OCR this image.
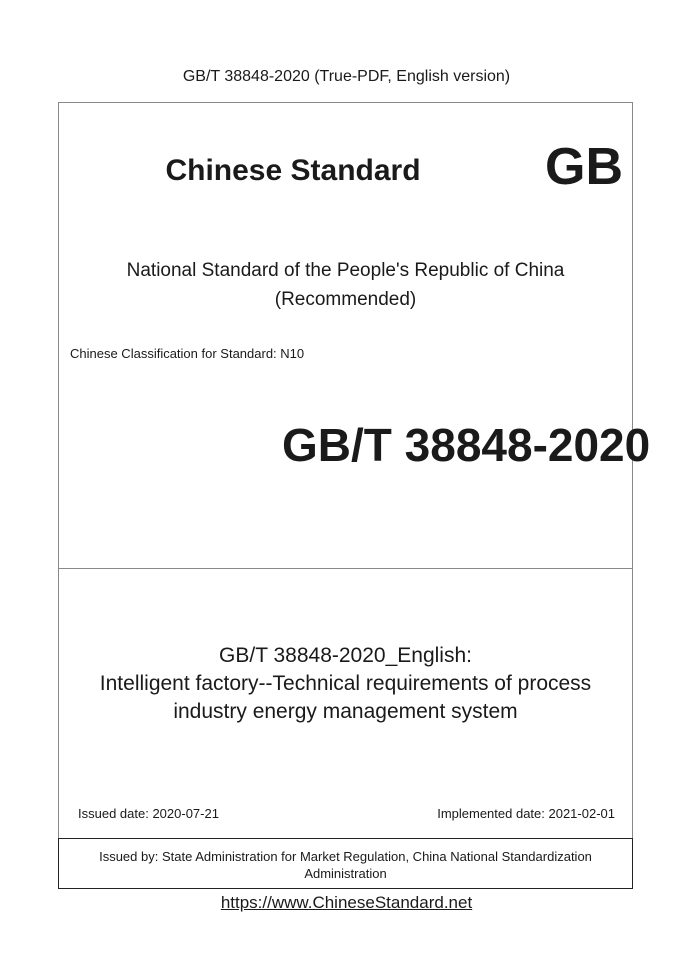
GB/T 38848-2020 (True-PDF, English version)
Chinese Standard	GB
National Standard of the People's Republic of China
(Recommended)
Chinese Classification for Standard: N10
GB/T 38848-2020
GB/T 38848-2020_English:
Intelligent factory--Technical requirements of process
industry energy management system
Issued date: 2020-07-21	Implemented date: 2021-02-01
Issued by: State Administration for Market Regulation, China National Standardization Administration
https://www.ChineseStandard.net
